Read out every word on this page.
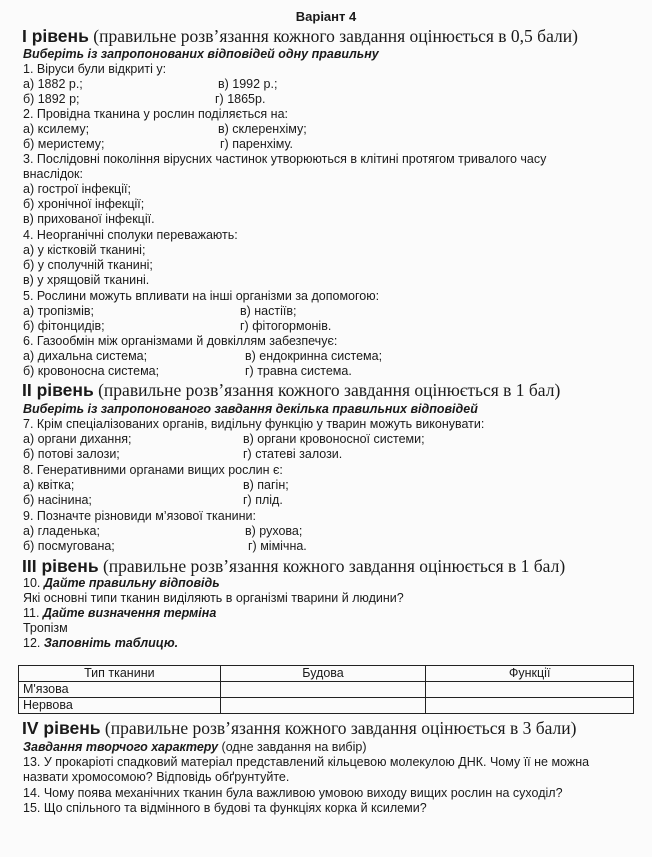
Варіант 4
І рівень (правильне розв’язання кожного завдання оцінюється в 0,5 бали)
Виберіть із запропонованих відповідей одну правильну
1. Віруси були відкриті у:
а) 1882 р.;	в) 1992 р.;
б) 1892 р;	г) 1865р.
2. Провідна тканина у рослин поділяється на:
а) ксилему;	в) склеренхіму;
б) меристему;	г) паренхіму.
3. Послідовні покоління вірусних частинок утворюються в клітині протягом тривалого часу
внаслідок:
а) гострої інфекції;
б) хронічної інфекції;
в) прихованої інфекції.
4. Неорганічні сполуки переважають:
а) у кістковій тканині;
б) у сполучній тканині;
в) у хрящовій тканині.
5. Рослини можуть впливати на інші організми за допомогою:
а) тропізмів;	в) настіїв;
б) фітонцидів;	г) фітогормонів.
6. Газообмін між організмами й довкіллям забезпечує:
а) дихальна система;	в) ендокринна система;
б) кровоносна система;	г) травна система.
ІІ рівень (правильне розв’язання кожного завдання оцінюється в 1 бал)
Виберіть із запропонованого завдання декілька правильних відповідей
7. Крім спеціалізованих органів, видільну функцію у тварин можуть виконувати:
а) органи дихання;	в) органи кровоносної системи;
б) потові залози;	г) статеві залози.
8. Генеративними органами вищих рослин є:
а) квітка;	в) пагін;
б) насінина;	г) плід.
9. Позначте різновиди м’язової тканини:
а) гладенька;	в) рухова;
б) посмугована;	г) мімічна.
ІІІ рівень (правильне розв’язання кожного завдання оцінюється в 1 бал)
10. Дайте правильну відповідь
Які основні типи тканин виділяють в організмі тварини й людини?
11. Дайте визначення терміна
Тропізм
12. Заповніть таблицю.
Тип тканини	Будова	Функції
М'язова		
Нервова		
IV рівень (правильне розв’язання кожного завдання оцінюється в 3 бали)
Завдання творчого характеру (одне завдання на вибір)
13. У прокаріоті спадковий матеріал представлений кільцевою молекулою ДНК. Чому її не можна
назвати хромосомою? Відповідь обґрунтуйте.
14. Чому поява механічних тканин була важливою умовою виходу вищих рослин на суходіл?
15. Що спільного та відмінного в будові та функціях корка й ксилеми?
